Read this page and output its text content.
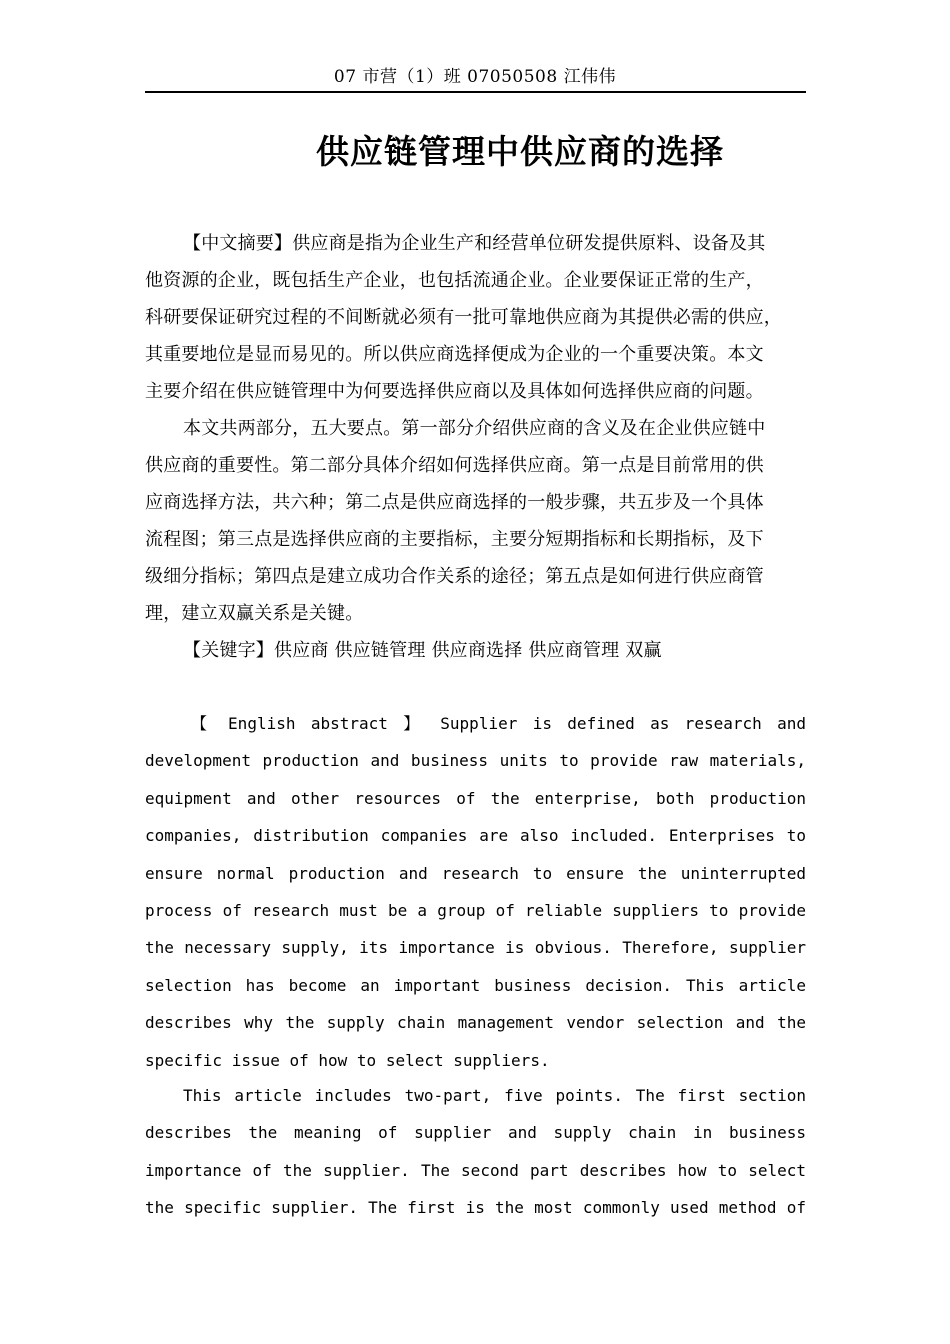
07 市营（1）班 07050508 江伟伟
供应链管理中供应商的选择
【中文摘要】供应商是指为企业生产和经营单位研发提供原料、设备及其
他资源的企业，既包括生产企业，也包括流通企业。企业要保证正常的生产，
科研要保证研究过程的不间断就必须有一批可靠地供应商为其提供必需的供应，
其重要地位是显而易见的。所以供应商选择便成为企业的一个重要决策。本文
主要介绍在供应链管理中为何要选择供应商以及具体如何选择供应商的问题。
本文共两部分，五大要点。第一部分介绍供应商的含义及在企业供应链中
供应商的重要性。第二部分具体介绍如何选择供应商。第一点是目前常用的供
应商选择方法，共六种；第二点是供应商选择的一般步骤，共五步及一个具体
流程图；第三点是选择供应商的主要指标，主要分短期指标和长期指标，及下
级细分指标；第四点是建立成功合作关系的途径；第五点是如何进行供应商管
理，建立双赢关系是关键。
【关键字】供应商 供应链管理 供应商选择 供应商管理 双赢
【 English abstract 】 Supplier is defined as research and
development production and business units to provide raw materials,
equipment and other resources of the enterprise, both production
companies, distribution companies are also included. Enterprises to
ensure normal production and research to ensure the uninterrupted
process of research must be a group of reliable suppliers to provide
the necessary supply, its importance is obvious. Therefore, supplier
selection has become an important business decision. This article
describes why the supply chain management vendor selection and the
specific issue of how to select suppliers.
This article includes two-part, five points. The first section
describes the meaning of supplier and supply chain in business
importance of the supplier. The second part describes how to select
the specific supplier. The first is the most commonly used method of
